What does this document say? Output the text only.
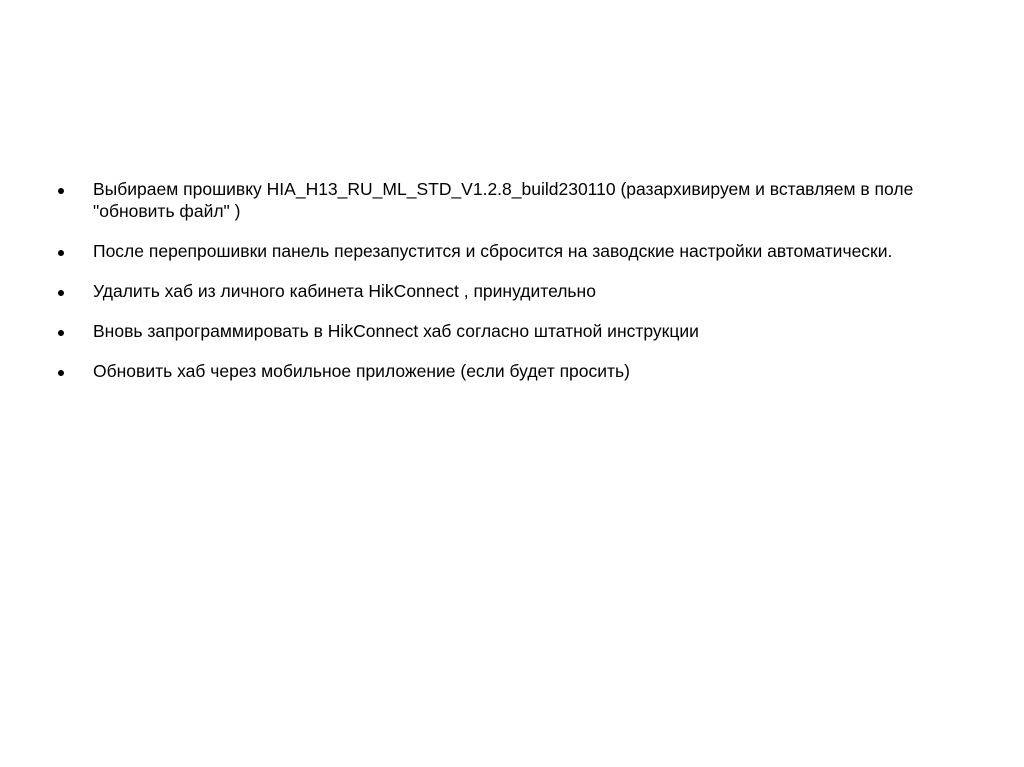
Выбираем прошивку HIA_H13_RU_ML_STD_V1.2.8_build230110 (разархивируем и вставляем в поле "обновить файл" )
После перепрошивки панель перезапустится и сбросится на заводские настройки автоматически.
Удалить хаб из личного кабинета HikConnect , принудительно
Вновь запрограммировать в HikConnect хаб согласно штатной инструкции
Обновить хаб через мобильное приложение (если будет просить)
